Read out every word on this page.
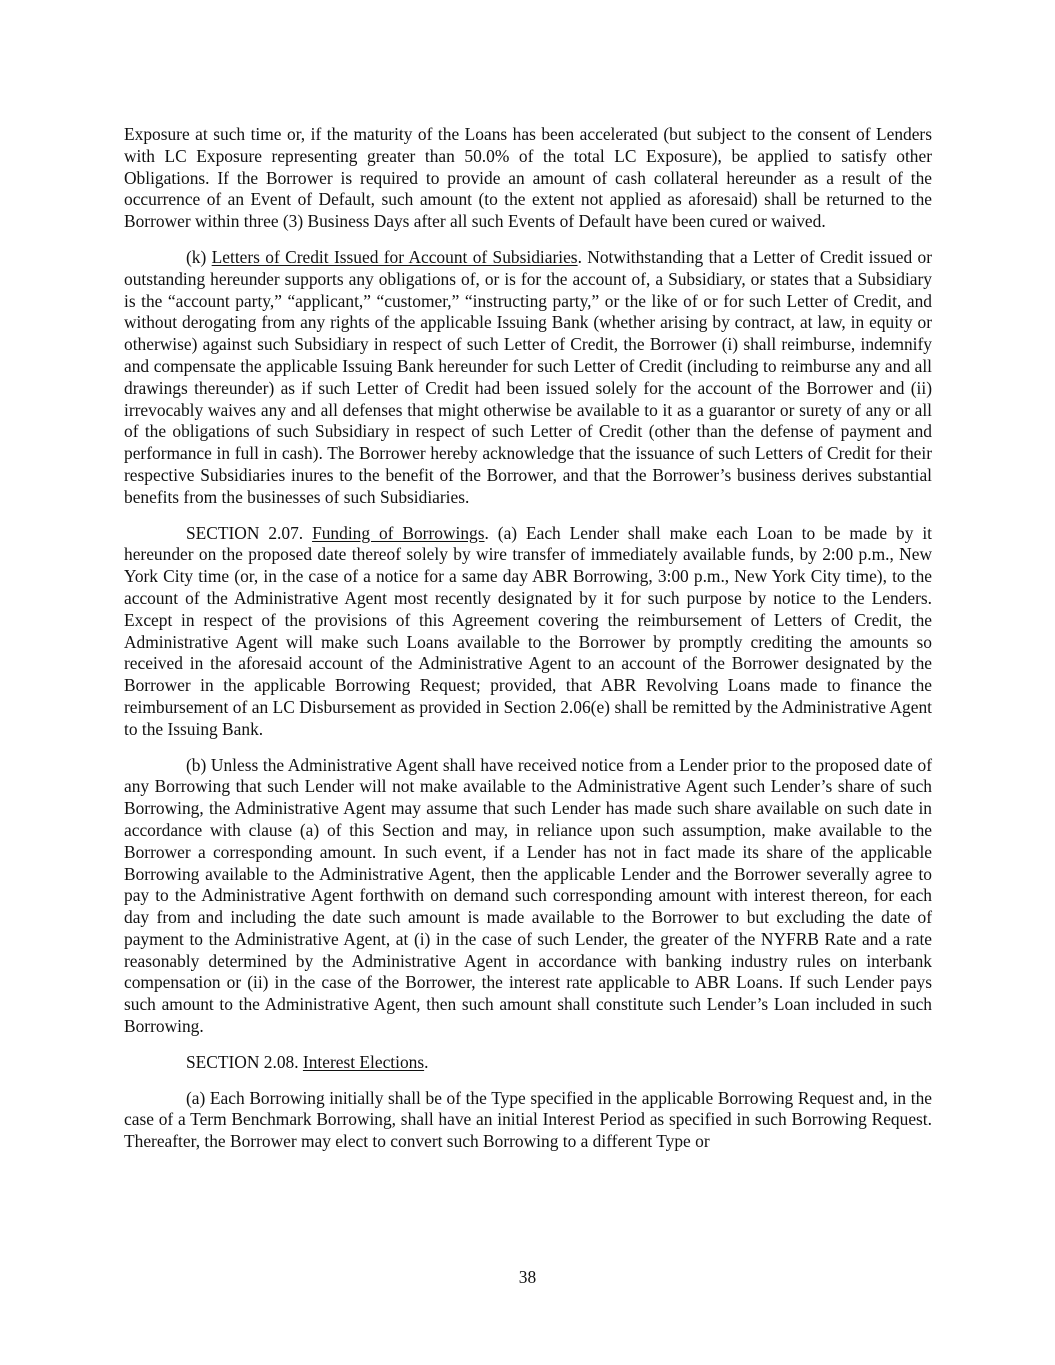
Exposure at such time or, if the maturity of the Loans has been accelerated (but subject to the consent of Lenders with LC Exposure representing greater than 50.0% of the total LC Exposure), be applied to satisfy other Obligations. If the Borrower is required to provide an amount of cash collateral hereunder as a result of the occurrence of an Event of Default, such amount (to the extent not applied as aforesaid) shall be returned to the Borrower within three (3) Business Days after all such Events of Default have been cured or waived.

(k) Letters of Credit Issued for Account of Subsidiaries. Notwithstanding that a Letter of Credit issued or outstanding hereunder supports any obligations of, or is for the account of, a Subsidiary, or states that a Subsidiary is the “account party,” “applicant,” “customer,” “instructing party,” or the like of or for such Letter of Credit, and without derogating from any rights of the applicable Issuing Bank (whether arising by contract, at law, in equity or otherwise) against such Subsidiary in respect of such Letter of Credit, the Borrower (i) shall reimburse, indemnify and compensate the applicable Issuing Bank hereunder for such Letter of Credit (including to reimburse any and all drawings thereunder) as if such Letter of Credit had been issued solely for the account of the Borrower and (ii) irrevocably waives any and all defenses that might otherwise be available to it as a guarantor or surety of any or all of the obligations of such Subsidiary in respect of such Letter of Credit (other than the defense of payment and performance in full in cash). The Borrower hereby acknowledge that the issuance of such Letters of Credit for their respective Subsidiaries inures to the benefit of the Borrower, and that the Borrower’s business derives substantial benefits from the businesses of such Subsidiaries.

SECTION 2.07. Funding of Borrowings. (a) Each Lender shall make each Loan to be made by it hereunder on the proposed date thereof solely by wire transfer of immediately available funds, by 2:00 p.m., New York City time (or, in the case of a notice for a same day ABR Borrowing, 3:00 p.m., New York City time), to the account of the Administrative Agent most recently designated by it for such purpose by notice to the Lenders. Except in respect of the provisions of this Agreement covering the reimbursement of Letters of Credit, the Administrative Agent will make such Loans available to the Borrower by promptly crediting the amounts so received in the aforesaid account of the Administrative Agent to an account of the Borrower designated by the Borrower in the applicable Borrowing Request; provided, that ABR Revolving Loans made to finance the reimbursement of an LC Disbursement as provided in Section 2.06(e) shall be remitted by the Administrative Agent to the Issuing Bank.

(b) Unless the Administrative Agent shall have received notice from a Lender prior to the proposed date of any Borrowing that such Lender will not make available to the Administrative Agent such Lender’s share of such Borrowing, the Administrative Agent may assume that such Lender has made such share available on such date in accordance with clause (a) of this Section and may, in reliance upon such assumption, make available to the Borrower a corresponding amount. In such event, if a Lender has not in fact made its share of the applicable Borrowing available to the Administrative Agent, then the applicable Lender and the Borrower severally agree to pay to the Administrative Agent forthwith on demand such corresponding amount with interest thereon, for each day from and including the date such amount is made available to the Borrower to but excluding the date of payment to the Administrative Agent, at (i) in the case of such Lender, the greater of the NYFRB Rate and a rate reasonably determined by the Administrative Agent in accordance with banking industry rules on interbank compensation or (ii) in the case of the Borrower, the interest rate applicable to ABR Loans. If such Lender pays such amount to the Administrative Agent, then such amount shall constitute such Lender’s Loan included in such Borrowing.

SECTION 2.08. Interest Elections.

(a) Each Borrowing initially shall be of the Type specified in the applicable Borrowing Request and, in the case of a Term Benchmark Borrowing, shall have an initial Interest Period as specified in such Borrowing Request. Thereafter, the Borrower may elect to convert such Borrowing to a different Type or

38
